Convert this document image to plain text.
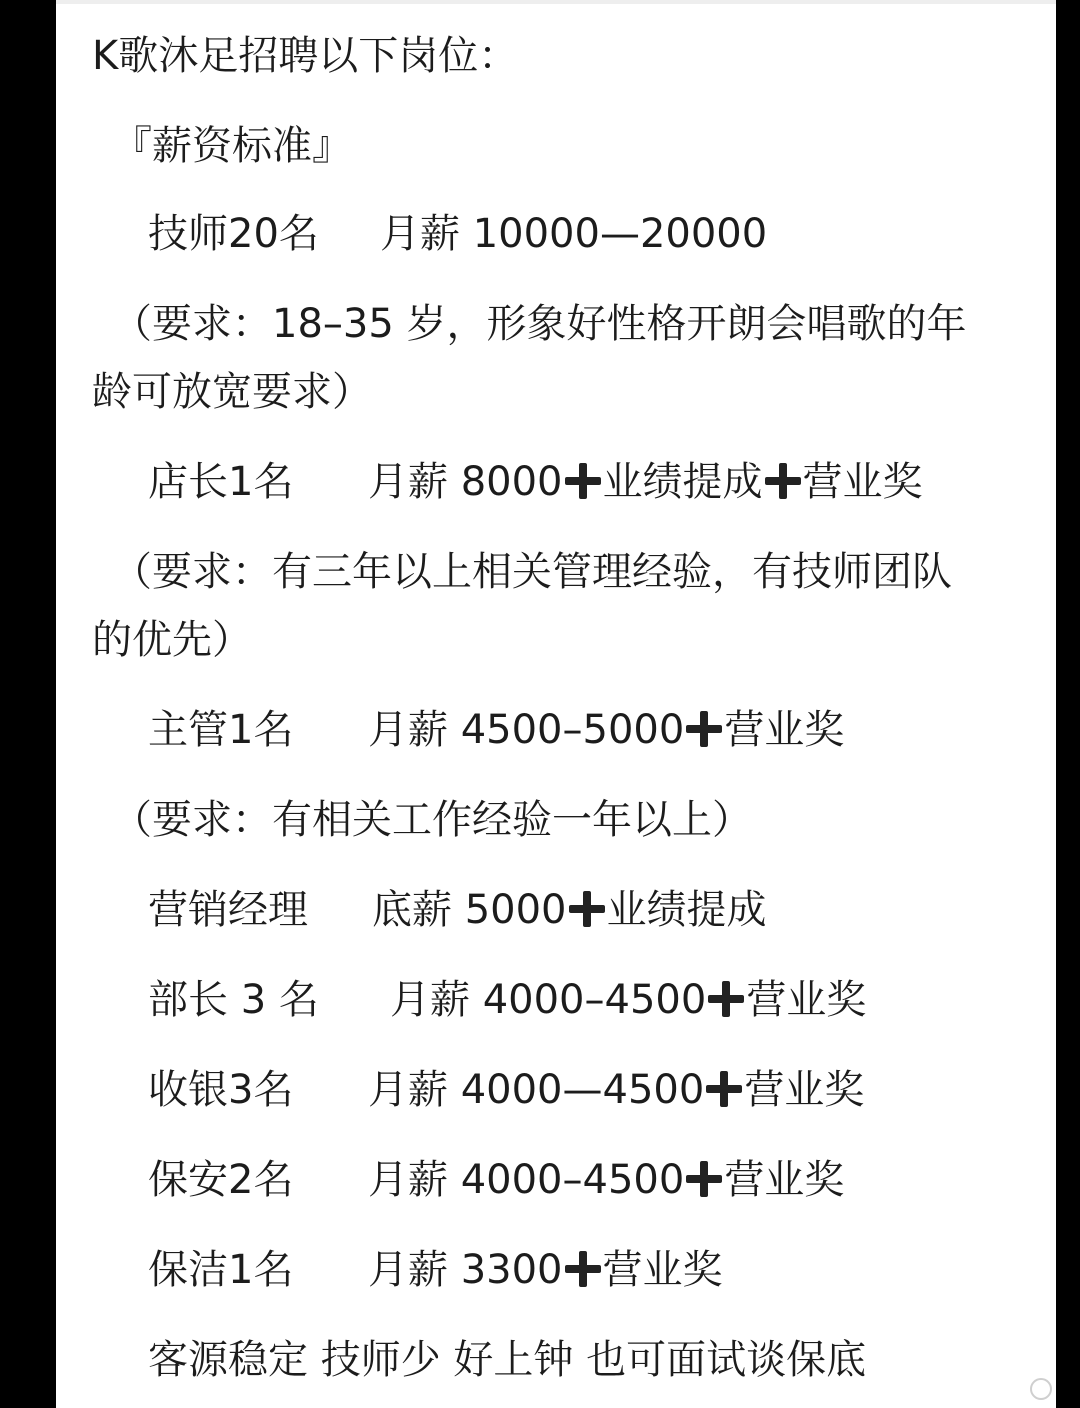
K歌沐足招聘以下岗位：
『薪资标准』
技师20名 月薪 10000—20000
（要求：18–35 岁，形象好性格开朗会唱歌的年
龄可放宽要求）
店长1名 月薪 8000 业绩提成 营业奖
（要求：有三年以上相关管理经验，有技师团队
的优先）
主管1名 月薪 4500–5000 营业奖
（要求：有相关工作经验一年以上）
营销经理 底薪 5000 业绩提成
部长 3 名 月薪 4000–4500 营业奖
收银3名 月薪 4000—4500 营业奖
保安2名 月薪 4000–4500 营业奖
保洁1名 月薪 3300 营业奖
客源稳定 技师少 好上钟 也可面试谈保底
